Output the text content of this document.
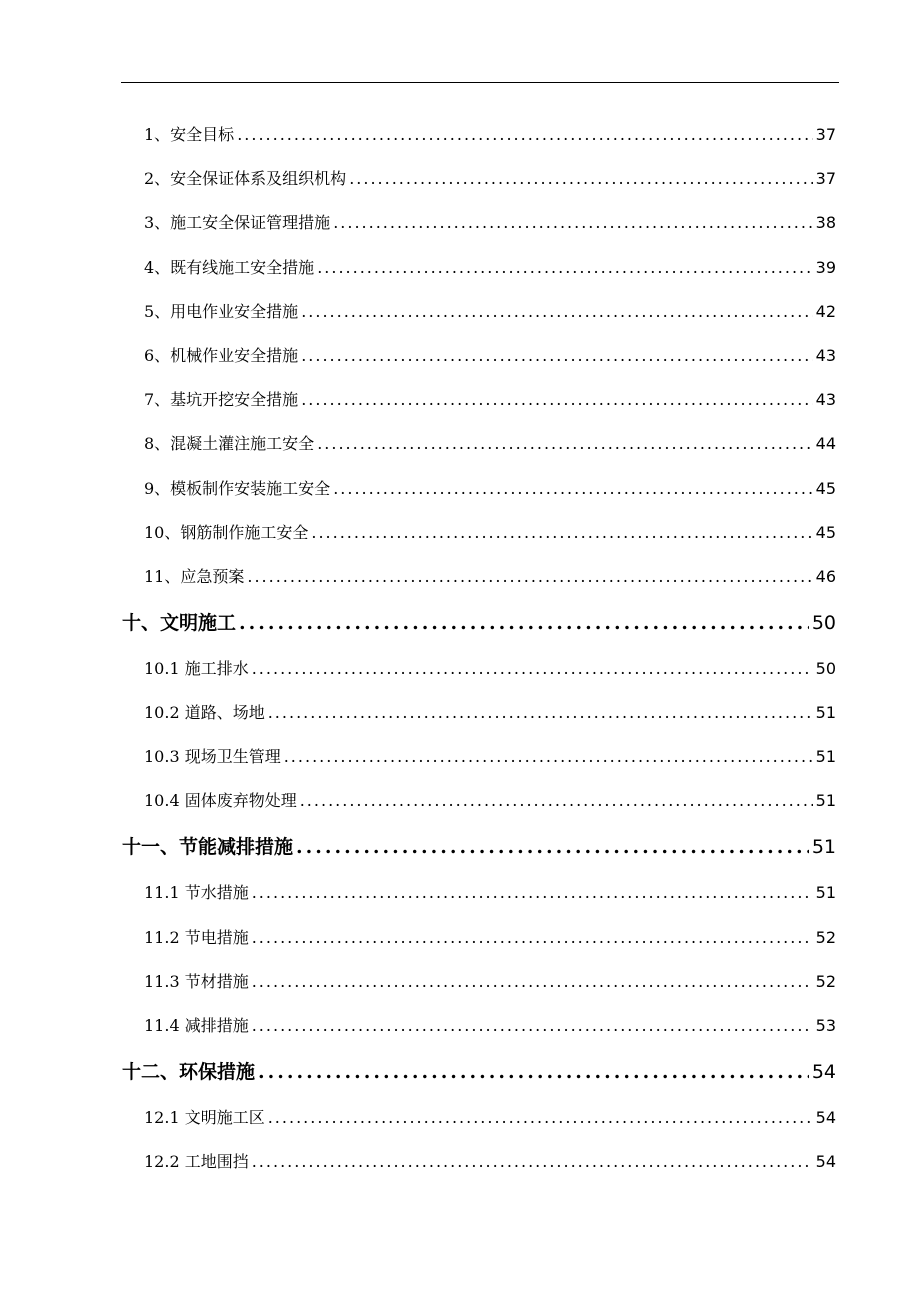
1、安全目标 .....	37
2、安全保证体系及组织机构 .....	37
3、施工安全保证管理措施 .....	38
4、既有线施工安全措施 .....	39
5、用电作业安全措施 .....	42
6、机械作业安全措施 .....	43
7、基坑开挖安全措施 .....	43
8、混凝土灌注施工安全 .....	44
9、模板制作安装施工安全 .....	45
10、钢筋制作施工安全 .....	45
11、应急预案 .....	46
十、文明施工 .....	50
10.1 施工排水 .....	50
10.2 道路、场地 .....	51
10.3 现场卫生管理 .....	51
10.4 固体废弃物处理 .....	51
十一、节能减排措施 .....	51
11.1 节水措施 .....	51
11.2 节电措施 .....	52
11.3 节材措施 .....	52
11.4 减排措施 .....	53
十二、环保措施 .....	54
12.1 文明施工区 .....	54
12.2 工地围挡 .....	54
